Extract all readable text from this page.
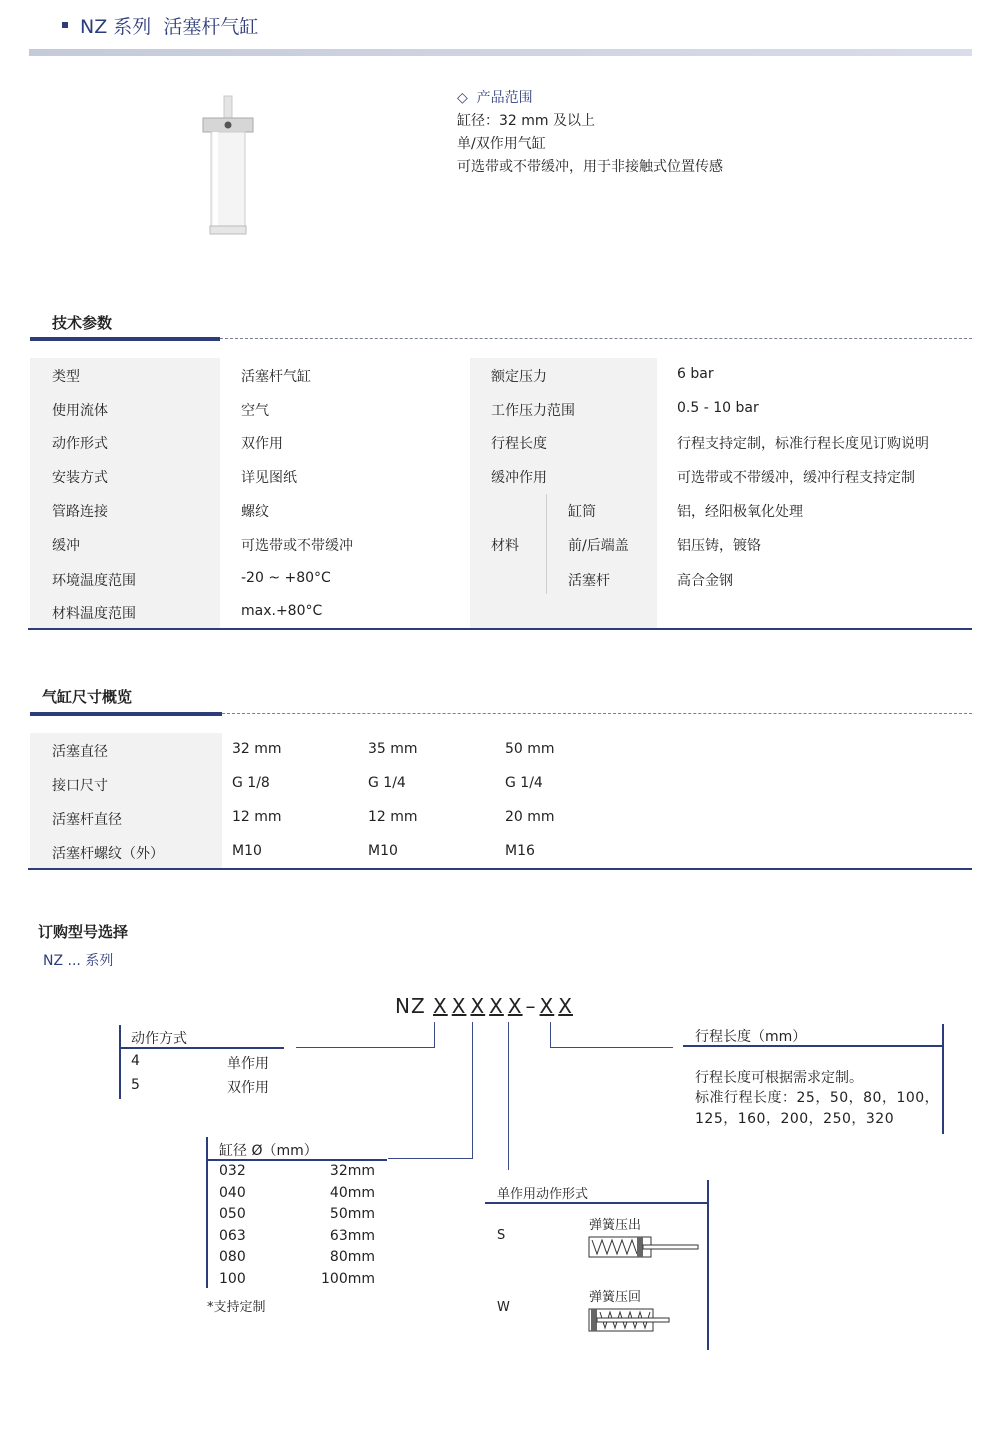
NZ 系列  活塞杆气缸
◇  产品范围
缸径：32 mm 及以上
单/双作用气缸
可选带或不带缓冲，用于非接触式位置传感
技术参数
类型	活塞杆气缸
使用流体	空气
动作形式	双作用
安装方式	详见图纸
管路连接	螺纹
缓冲	可选带或不带缓冲
环境温度范围	-20 ~ +80°C
材料温度范围	max.+80°C
额定压力	6 bar
工作压力范围	0.5 - 10 bar
行程长度	行程支持定制，标准行程长度见订购说明
缓冲作用	可选带或不带缓冲，缓冲行程支持定制
材料
缸筒	铝，经阳极氧化处理
前/后端盖	铝压铸，镀铬
活塞杆	高合金钢
气缸尺寸概览
活塞直径	32 mm	35 mm	50 mm
接口尺寸	G 1/8	G 1/4	G 1/4
活塞杆直径	12 mm	12 mm	20 mm
活塞杆螺纹（外）	M10	M10	M16
订购型号选择
NZ ... 系列
NZ X X X X X – X X
动作方式
4	单作用
5	双作用
缸径 Ø（mm）
032	32mm
040	40mm
050	50mm
063	63mm
080	80mm
100	100mm
*支持定制
行程长度（mm）
行程长度可根据需求定制。
标准行程长度：25，50，80，100，
125，160，200，250，320
单作用动作形式
S
弹簧压出
W
弹簧压回
